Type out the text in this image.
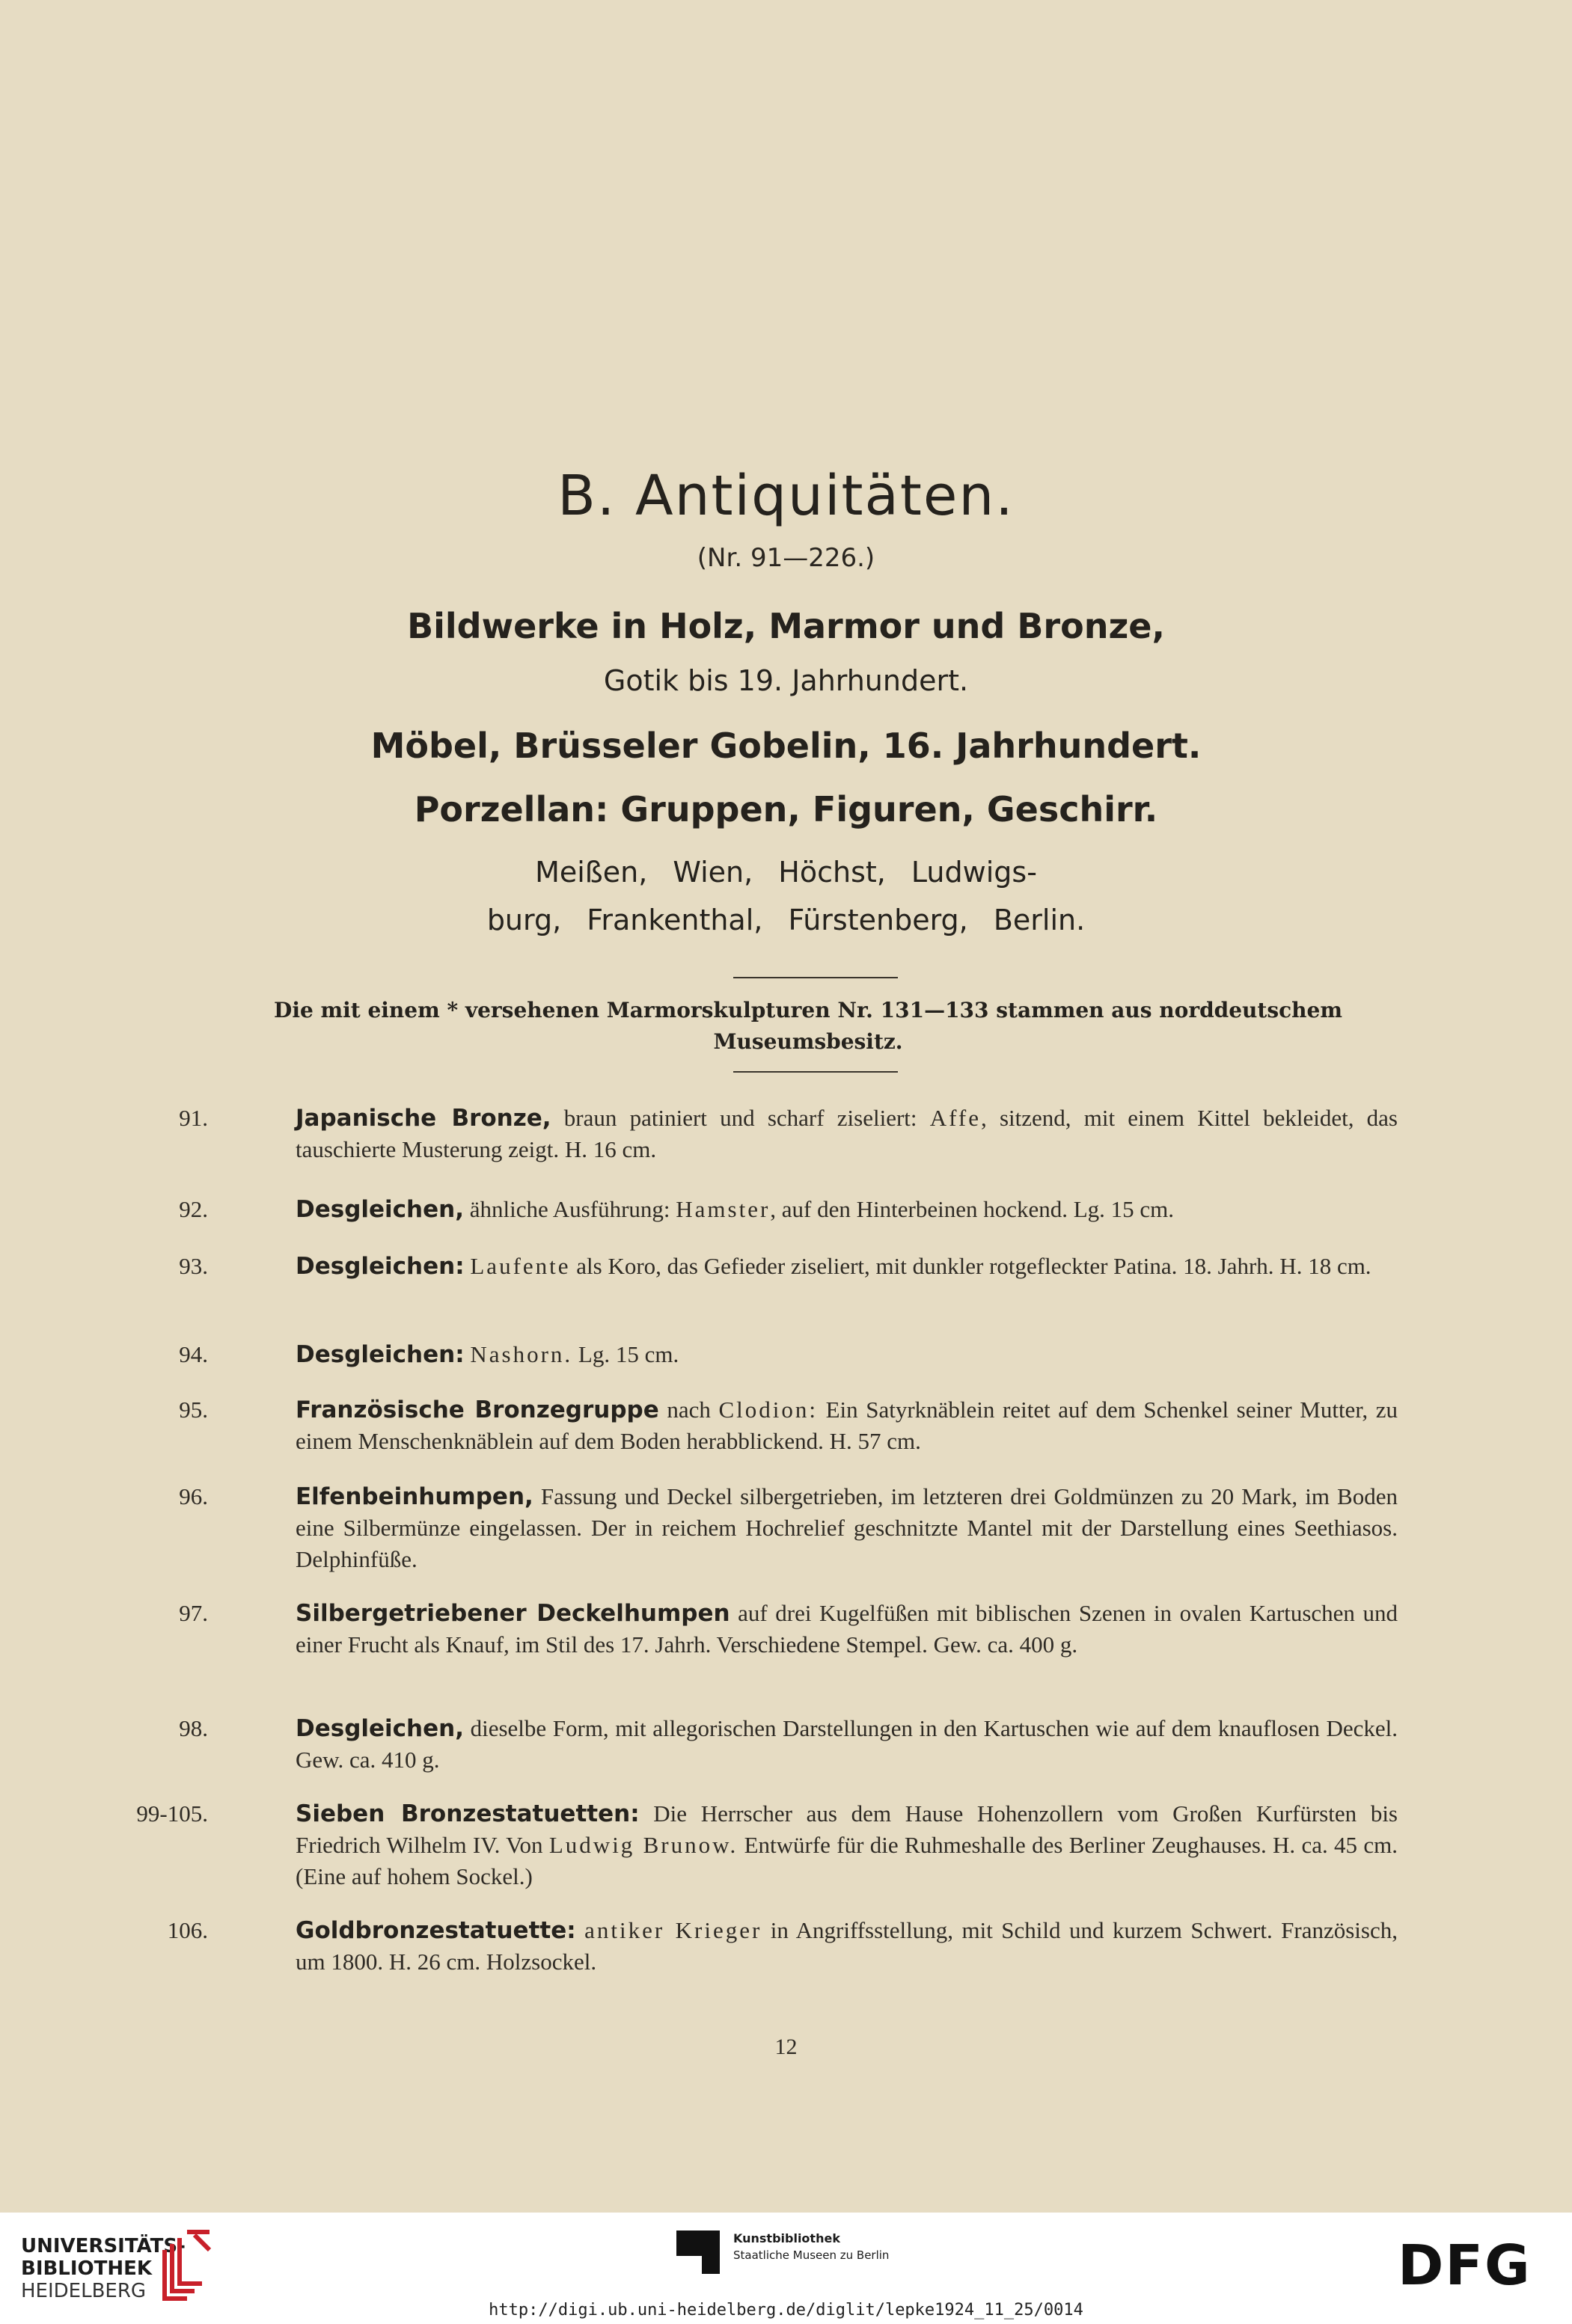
B. Antiquitäten.
(Nr. 91—226.)
Bildwerke in Holz, Marmor und Bronze,
Gotik bis 19. Jahrhundert.
Möbel, Brüsseler Gobelin, 16. Jahrhundert.
Porzellan: Gruppen, Figuren, Geschirr.
Meißen, Wien, Höchst, Ludwigs-
burg, Frankenthal, Fürstenberg, Berlin.
Die mit einem * versehenen Marmorskulpturen Nr. 131—133 stammen aus norddeutschem Museumsbesitz.
91.	Japanische Bronze, braun patiniert und scharf ziseliert: Affe, sitzend, mit einem Kittel bekleidet, das tauschierte Musterung zeigt. H. 16 cm.
92.	Desgleichen, ähnliche Ausführung: Hamster, auf den Hinterbeinen hockend. Lg. 15 cm.
93.	Desgleichen: Laufente als Koro, das Gefieder ziseliert, mit dunkler rotgefleckter Patina. 18. Jahrh. H. 18 cm.
94.	Desgleichen: Nashorn. Lg. 15 cm.
95.	Französische Bronzegruppe nach Clodion: Ein Satyrknäblein reitet auf dem Schenkel seiner Mutter, zu einem Menschenknäblein auf dem Boden herabblickend. H. 57 cm.
96.	Elfenbeinhumpen, Fassung und Deckel silbergetrieben, im letzteren drei Goldmünzen zu 20 Mark, im Boden eine Silbermünze eingelassen. Der in reichem Hochrelief geschnitzte Mantel mit der Darstellung eines Seethiasos. Delphinfüße.
97.	Silbergetriebener Deckelhumpen auf drei Kugelfüßen mit biblischen Szenen in ovalen Kartuschen und einer Frucht als Knauf, im Stil des 17. Jahrh. Verschiedene Stempel. Gew. ca. 400 g.
98.	Desgleichen, dieselbe Form, mit allegorischen Darstellungen in den Kartuschen wie auf dem knauflosen Deckel. Gew. ca. 410 g.
99-105.	Sieben Bronzestatuetten: Die Herrscher aus dem Hause Hohenzollern vom Großen Kurfürsten bis Friedrich Wilhelm IV. Von Ludwig Brunow. Entwürfe für die Ruhmeshalle des Berliner Zeughauses. H. ca. 45 cm. (Eine auf hohem Sockel.)
106.	Goldbronzestatuette: antiker Krieger in Angriffsstellung, mit Schild und kurzem Schwert. Französisch, um 1800. H. 26 cm. Holzsockel.
12
UNIVERSITÄTS-
BIBLIOTHEK
HEIDELBERG
Kunstbibliothek
Staatliche Museen zu Berlin	DFG
http://digi.ub.uni-heidelberg.de/diglit/lepke1924_11_25/0014
